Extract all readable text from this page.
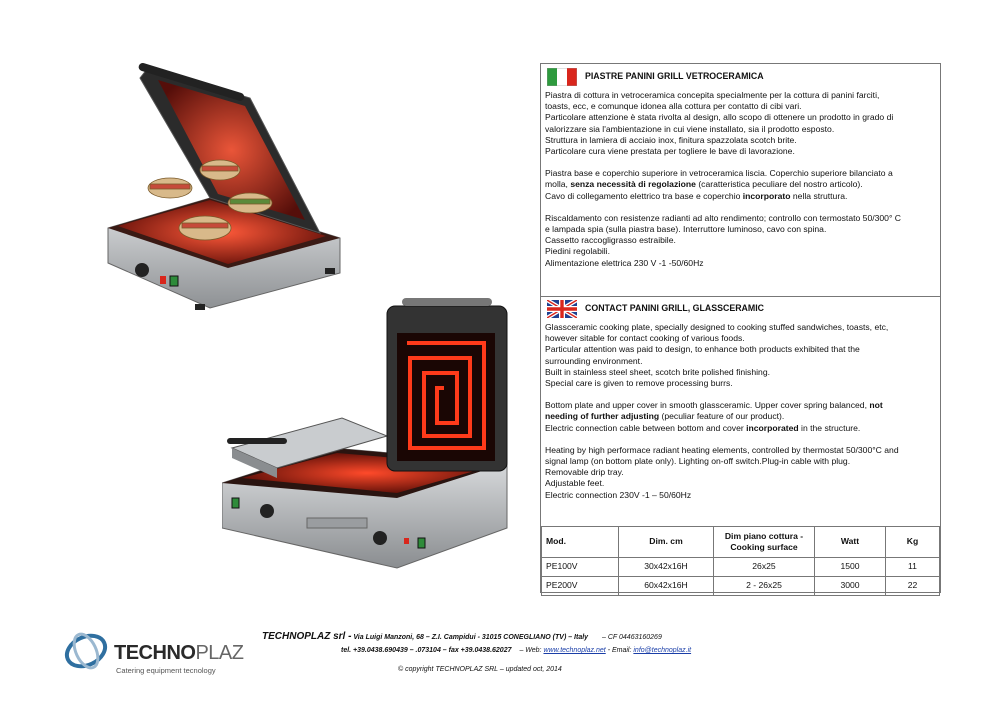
PIASTRE PANINI GRILL VETROCERAMICA
Piastra di cottura in vetroceramica concepita specialmente per la cottura di panini farciti,
toasts, ecc, e comunque idonea alla cottura per contatto di cibi vari.
Particolare attenzione è stata rivolta al design, allo scopo di ottenere un prodotto in grado di
valorizzare sia l'ambientazione in cui viene installato, sia il prodotto esposto.
Struttura in lamiera di acciaio inox, finitura spazzolata scotch brite.
Particolare cura viene prestata per togliere le bave di lavorazione.
Piastra base e coperchio superiore in vetroceramica liscia. Coperchio superiore bilanciato a
molla, senza necessità di regolazione (caratteristica peculiare del nostro articolo).
Cavo di collegamento elettrico tra base e coperchio incorporato nella struttura.
Riscaldamento con resistenze radianti ad alto rendimento; controllo con termostato 50/300° C
e lampada spia (sulla piastra base). Interruttore luminoso, cavo con spina.
Cassetto raccogligrasso estraibile.
Piedini regolabili.
Alimentazione elettrica 230 V -1 -50/60Hz
CONTACT PANINI GRILL, GLASSCERAMIC
Glassceramic cooking plate, specially designed to cooking stuffed sandwiches, toasts, etc,
however sitable for contact cooking of various foods.
Particular attention was paid to design, to enhance both products exhibited that the
surrounding environment.
Built in stainless steel sheet, scotch brite polished finishing.
Special care is given to remove processing burrs.
Bottom plate and upper cover in smooth glassceramic. Upper cover spring balanced, not
needing of further adjusting (peculiar feature of our product).
Electric connection cable between bottom and cover incorporated in the structure.
Heating by high performace radiant heating elements, controlled by thermostat 50/300°C and
signal lamp (on bottom plate only). Lighting on-off switch.Plug-in cable with plug.
Removable drip tray.
Adjustable feet.
Electric connection 230V -1 – 50/60Hz
Mod.	Dim. cm	Dim piano cottura - Cooking surface	Watt	Kg
PE100V	30x42x16H	26x25	1500	11
PE200V	60x42x16H	2 - 26x25	3000	22
TECHNOPLAZ
Catering equipment tecnology
TECHNOPLAZ srl - Via Luigi Manzoni, 68 – Z.I. Campidui - 31015 CONEGLIANO (TV) – Italy – CF 04463160269
tel. +39.0438.690439 – .073104 – fax +39.0438.62027 – Web: www.technoplaz.net - Email: info@technoplaz.it
© copyright TECHNOPLAZ SRL – updated oct, 2014
